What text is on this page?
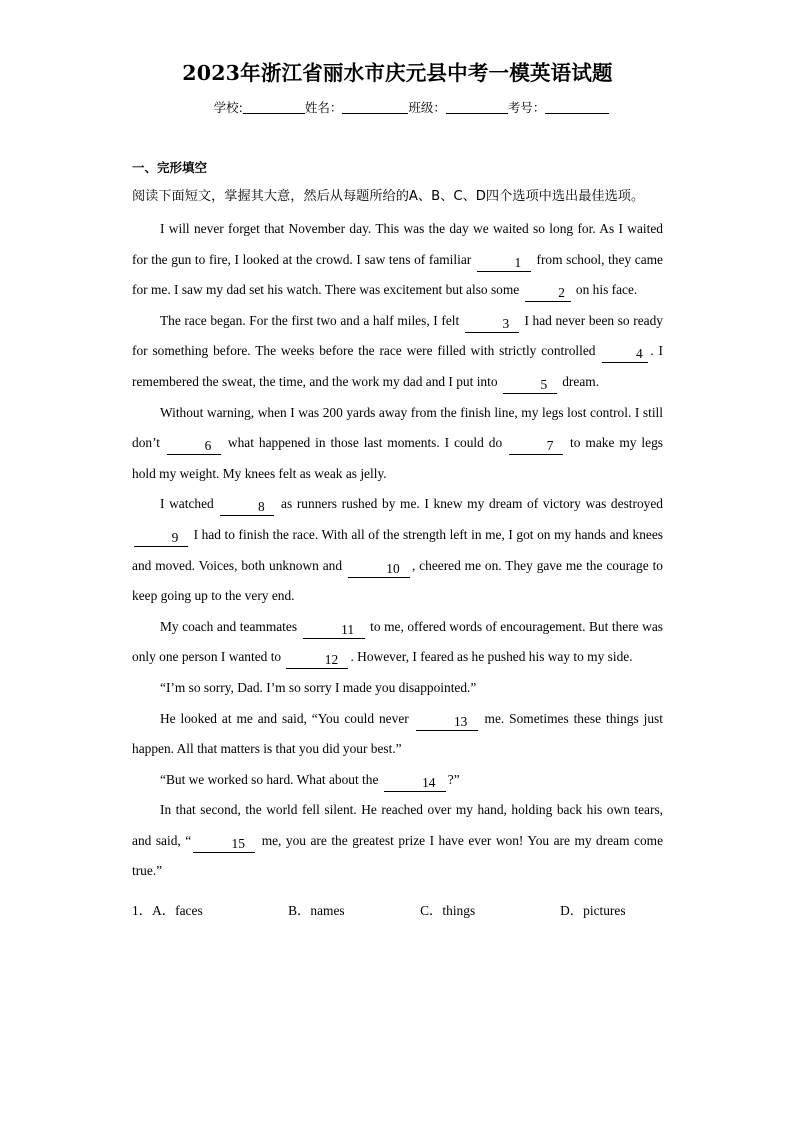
2023年浙江省丽水市庆元县中考一模英语试题
学校:	姓名：	班级：	考号：
一、完形填空
阅读下面短文，掌握其大意，然后从每题所给的A、B、C、D四个选项中选出最佳选项。

I will never forget that November day. This was the day we waited so long for. As I waited for the gun to fire, I looked at the crowd. I saw tens of familiar	1 from school, they came for me. I saw my dad set his watch. There was excitement but also some	2 on his face.

The race began. For the first two and a half miles, I felt	3 I had never been so ready for something before. The weeks before the race were filled with strictly controlled	4 . I remembered the sweat, the time, and the work my dad and I put into	5 dream.

Without warning, when I was 200 yards away from the finish line, my legs lost control. I still don’t	6 what happened in those last moments. I could do	7 to make my legs hold my weight. My knees felt as weak as jelly.

I watched	8 as runners rushed by me. I knew my dream of victory was destroyed 9 I had to finish the race. With all of the strength left in me, I got on my hands and knees and moved. Voices, both unknown and	10 , cheered me on. They gave me the courage to keep going up to the very end.

My coach and teammates	11 to me, offered words of encouragement. But there was only one person I wanted to	12 . However, I feared as he pushed his way to my side.

“I’m so sorry, Dad. I’m so sorry I made you disappointed.”

He looked at me and said, “You could never	13 me. Sometimes these things just happen. All that matters is that you did your best.”

“But we worked so hard. What about the	14 ?”

In that second, the world fell silent. He reached over my hand, holding back his own tears, and said, “	15 me, you are the greatest prize I have ever won! You are my dream come true.”

1．A．faces	B．names	C．things	D．pictures
